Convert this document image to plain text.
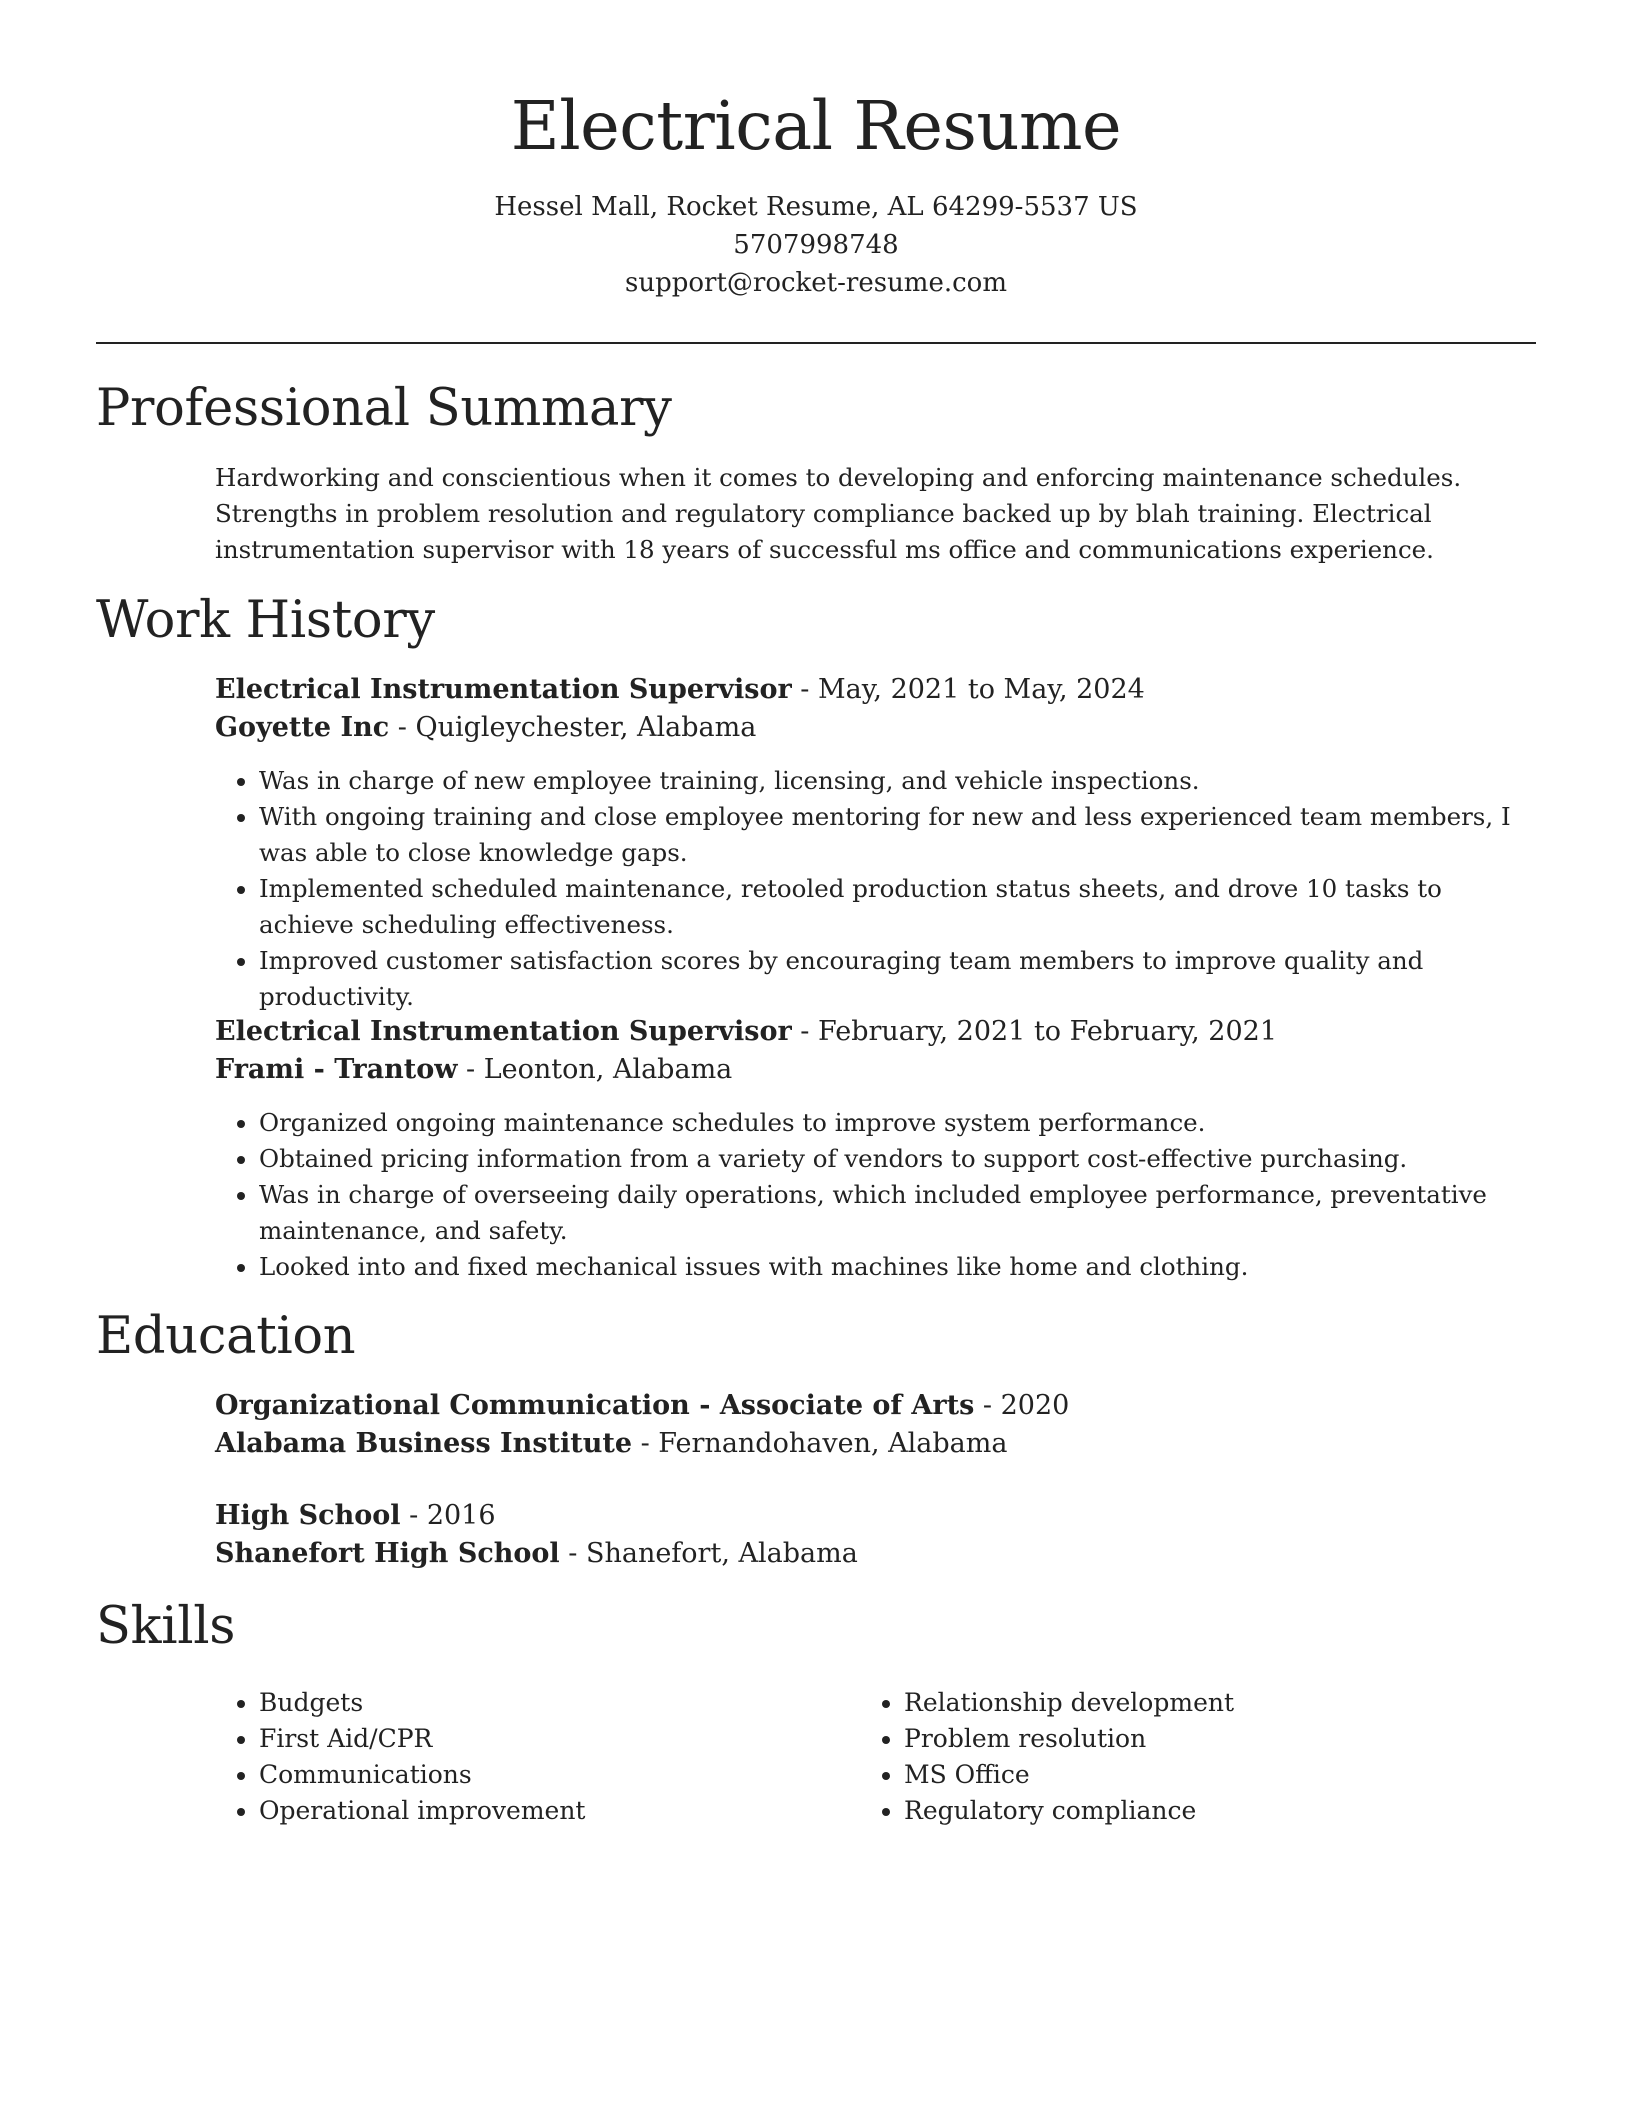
Electrical Resume

Hessel Mall, Rocket Resume, AL 64299-5537 US

5707998748

support@rocket-resume.com

Professional Summary

Hardworking and conscientious when it comes to developing and enforcing maintenance schedules. Strengths in problem resolution and regulatory compliance backed up by blah training. Electrical instrumentation supervisor with 18 years of successful ms office and communications experience.

Work History

Electrical Instrumentation Supervisor - May, 2021 to May, 2024

Goyette Inc - Quigleychester, Alabama

• Was in charge of new employee training, licensing, and vehicle inspections.
• With ongoing training and close employee mentoring for new and less experienced team members, I was able to close knowledge gaps.
• Implemented scheduled maintenance, retooled production status sheets, and drove 10 tasks to achieve scheduling effectiveness.
• Improved customer satisfaction scores by encouraging team members to improve quality and productivity.

Electrical Instrumentation Supervisor - February, 2021 to February, 2021

Frami - Trantow - Leonton, Alabama

• Organized ongoing maintenance schedules to improve system performance.
• Obtained pricing information from a variety of vendors to support cost-effective purchasing.
• Was in charge of overseeing daily operations, which included employee performance, preventative maintenance, and safety.
• Looked into and fixed mechanical issues with machines like home and clothing.
Education

Organizational Communication - Associate of Arts - 2020

Alabama Business Institute - Fernandohaven, Alabama

High School - 2016

Shanefort High School - Shanefort, Alabama

Skills
• Budgets
• First Aid/CPR
• Communications
• Operational improvement
• Relationship development
• Problem resolution
• MS Office
• Regulatory compliance
